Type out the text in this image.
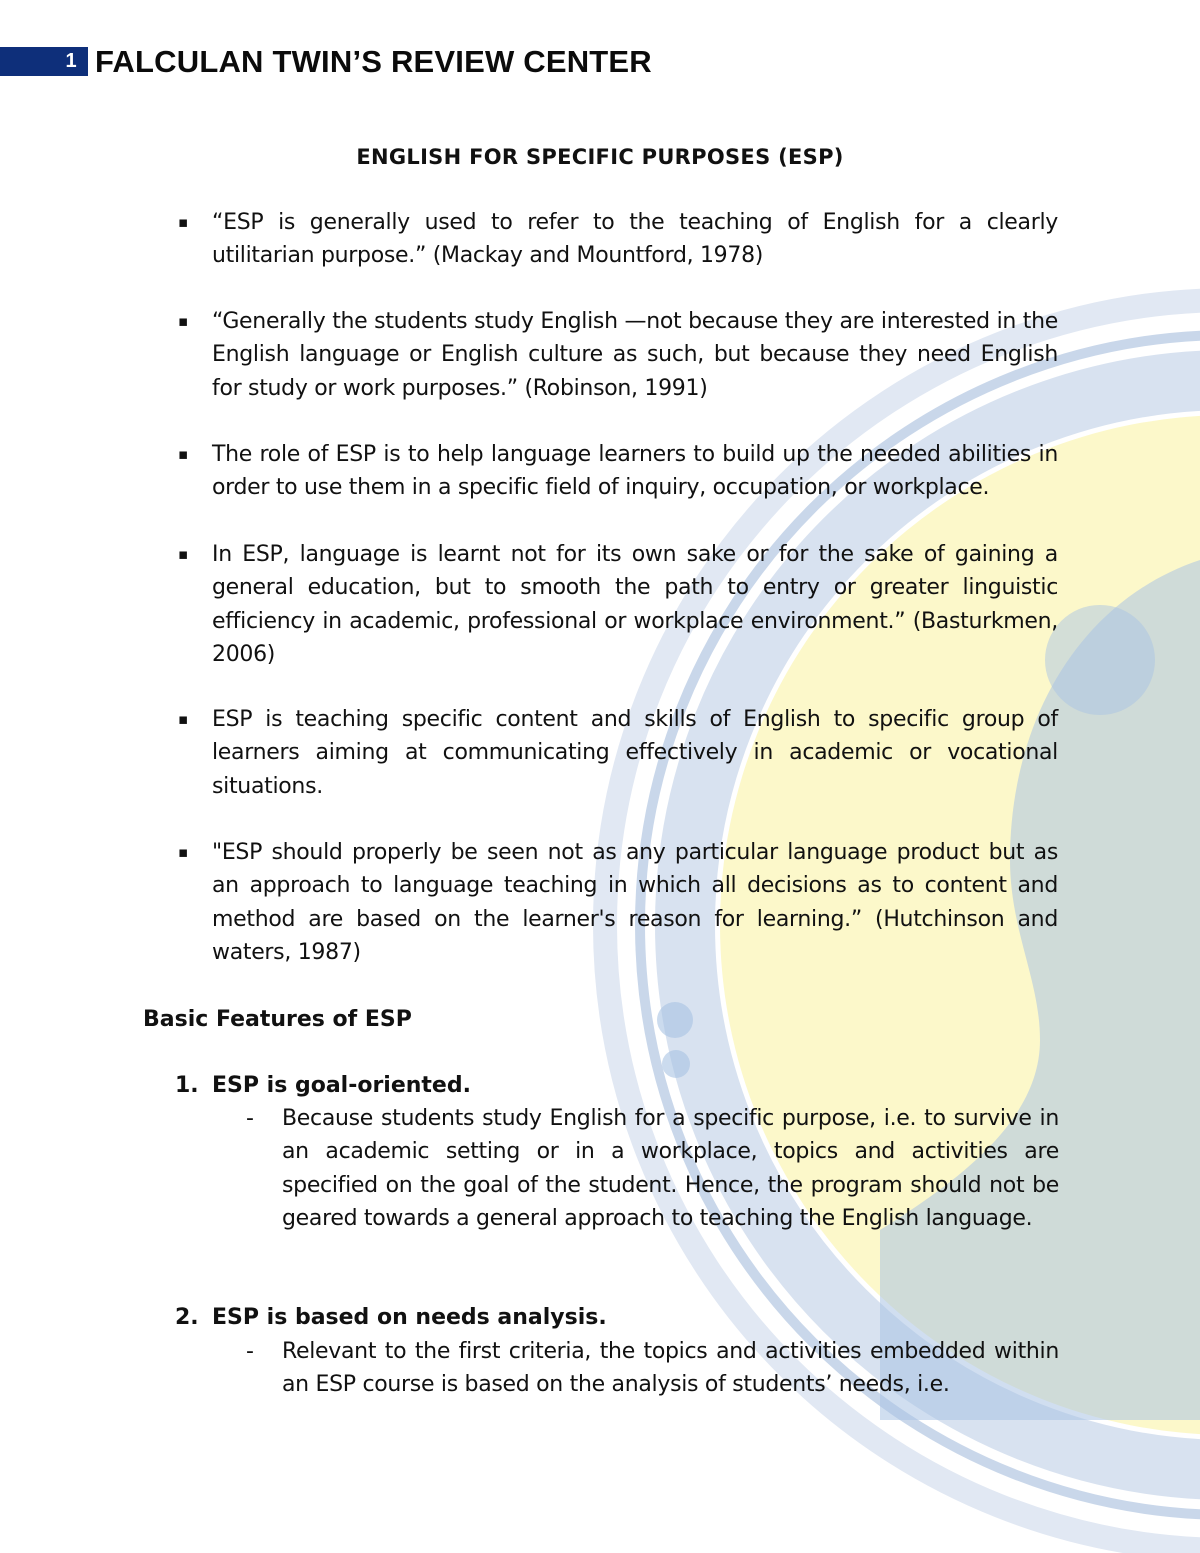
1 FALCULAN TWIN’S REVIEW CENTER
ENGLISH FOR SPECIFIC PURPOSES (ESP)
▪ “ESP is generally used to refer to the teaching of English for a clearly utilitarian purpose.” (Mackay and Mountford, 1978)
▪ “Generally the students study English —not because they are interested in the English language or English culture as such, but because they need English for study or work purposes.” (Robinson, 1991)
▪ The role of ESP is to help language learners to build up the needed abilities in order to use them in a specific field of inquiry, occupation, or workplace.
▪ In ESP, language is learnt not for its own sake or for the sake of gaining a general education, but to smooth the path to entry or greater linguistic efficiency in academic, professional or workplace environment.” (Basturkmen, 2006)
▪ ESP is teaching specific content and skills of English to specific group of learners aiming at communicating effectively in academic or vocational situations.
▪ "ESP should properly be seen not as any particular language product but as an approach to language teaching in which all decisions as to content and method are based on the learner's reason for learning.” (Hutchinson and waters, 1987)
Basic Features of ESP
1. ESP is goal-oriented.
- Because students study English for a specific purpose, i.e. to survive in an academic setting or in a workplace, topics and activities are specified on the goal of the student. Hence, the program should not be geared towards a general approach to teaching the English language.
2. ESP is based on needs analysis.
- Relevant to the first criteria, the topics and activities embedded within an ESP course is based on the analysis of students’ needs, i.e.
